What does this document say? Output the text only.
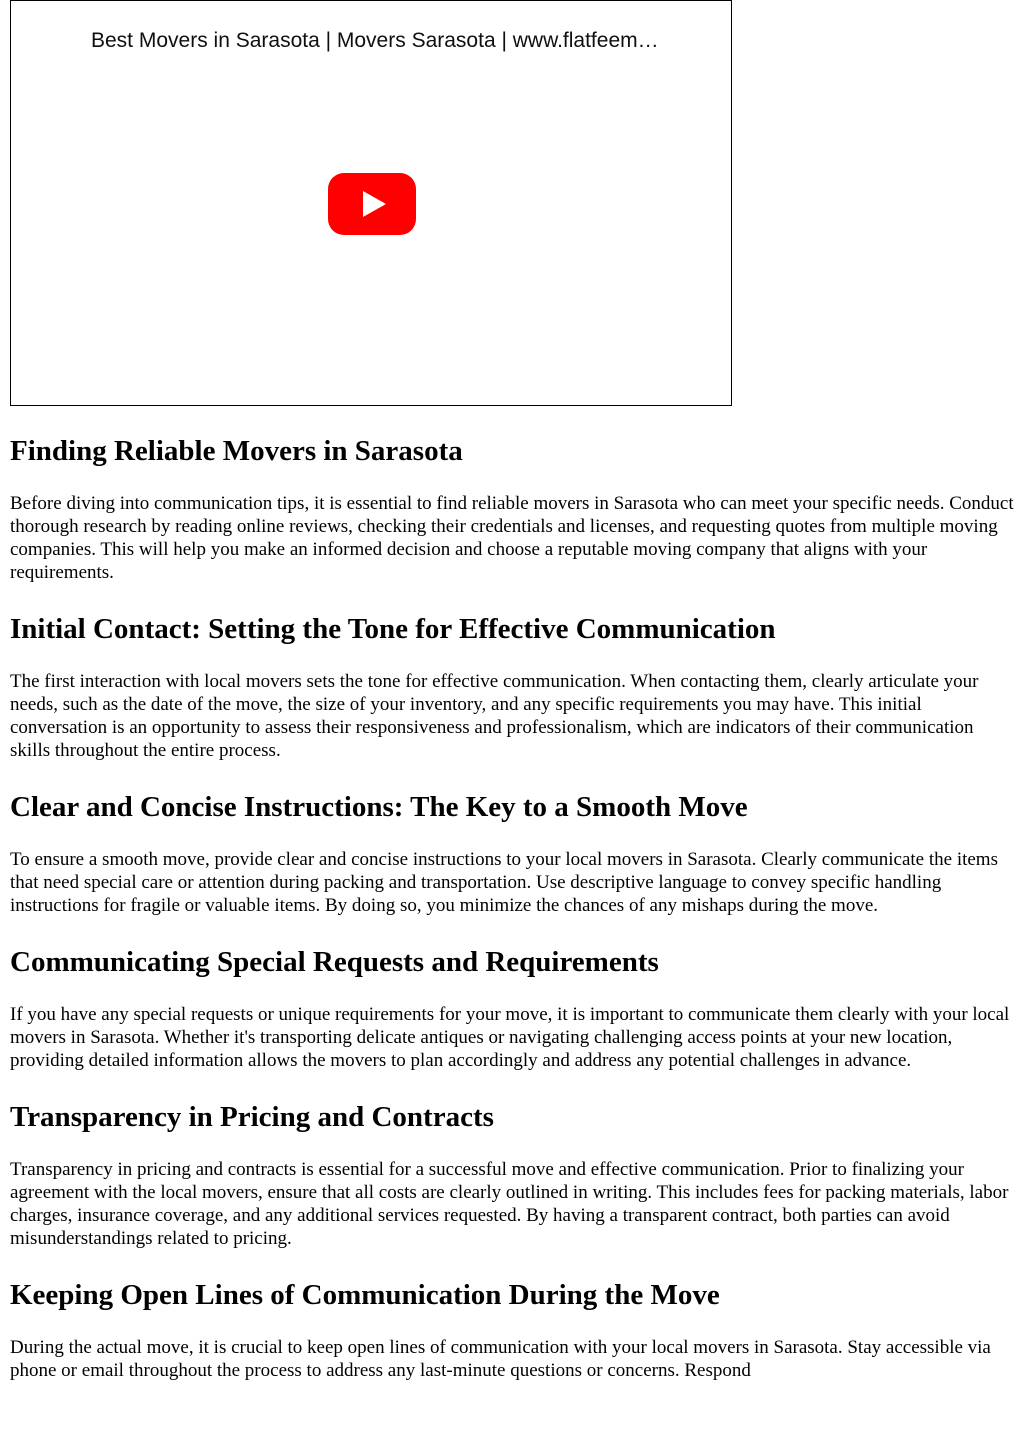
Best Movers in Sarasota | Movers Sarasota | www.flatfeem…
Finding Reliable Movers in Sarasota

Before diving into communication tips, it is essential to find reliable movers in Sarasota who can meet your specific needs. Conduct thorough research by reading online reviews, checking their credentials and licenses, and requesting quotes from multiple moving companies. This will help you make an informed decision and choose a reputable moving company that aligns with your requirements.

Initial Contact: Setting the Tone for Effective Communication

The first interaction with local movers sets the tone for effective communication. When contacting them, clearly articulate your needs, such as the date of the move, the size of your inventory, and any specific requirements you may have. This initial conversation is an opportunity to assess their responsiveness and professionalism, which are indicators of their communication skills throughout the entire process.

Clear and Concise Instructions: The Key to a Smooth Move

To ensure a smooth move, provide clear and concise instructions to your local movers in Sarasota. Clearly communicate the items that need special care or attention during packing and transportation. Use descriptive language to convey specific handling instructions for fragile or valuable items. By doing so, you minimize the chances of any mishaps during the move.

Communicating Special Requests and Requirements

If you have any special requests or unique requirements for your move, it is important to communicate them clearly with your local movers in Sarasota. Whether it's transporting delicate antiques or navigating challenging access points at your new location, providing detailed information allows the movers to plan accordingly and address any potential challenges in advance.

Transparency in Pricing and Contracts

Transparency in pricing and contracts is essential for a successful move and effective communication. Prior to finalizing your agreement with the local movers, ensure that all costs are clearly outlined in writing. This includes fees for packing materials, labor charges, insurance coverage, and any additional services requested. By having a transparent contract, both parties can avoid misunderstandings related to pricing.

Keeping Open Lines of Communication During the Move

During the actual move, it is crucial to keep open lines of communication with your local movers in Sarasota. Stay accessible via phone or email throughout the process to address any last-minute questions or concerns. Respond
